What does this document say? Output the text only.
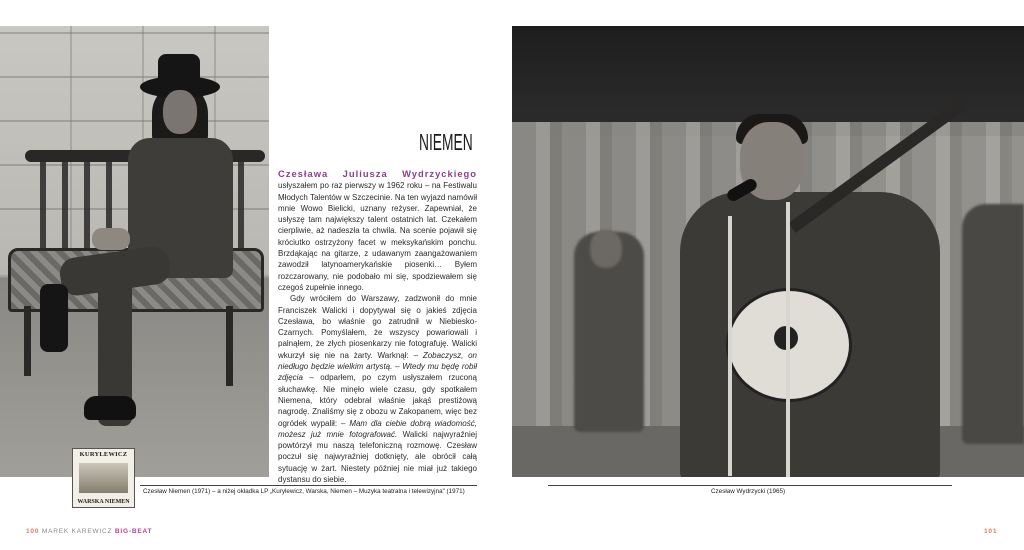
NIEMEN

Czesława Juliusza Wydrzyckiego usłyszałem po raz pierwszy w 1962 roku – na Festiwalu Młodych Talentów w Szczecinie. Na ten wyjazd namówił mnie Wowo Bielicki, uznany reżyser. Zapewniał, że usłyszę tam największy talent ostatnich lat. Czekałem cierpliwie, aż nadeszła ta chwila. Na scenie pojawił się króciutko ostrzyżony facet w meksykańskim ponchu. Brzdąkając na gitarze, z udawanym zaangażowaniem zawodził latynoamerykańskie piosenki… Byłem rozczarowany, nie podobało mi się, spodziewałem się czegoś zupełnie innego.

Gdy wróciłem do Warszawy, zadzwonił do mnie Franciszek Walicki i dopytywał się o jakieś zdjęcia Czesława, bo właśnie go zatrudnił w Niebiesko-Czarnych. Pomyślałem, że wszyscy powariowali i palnąłem, że złych piosenkarzy nie fotografuję. Walicki wkurzył się nie na żarty. Warknął: – Zobaczysz, on niedługo będzie wielkim artystą. – Wtedy mu będę robił zdjęcia – odparłem, po czym usłyszałem rzuconą słuchawkę. Nie minęło wiele czasu, gdy spotkałem Niemena, który odebrał właśnie jakąś prestiżową nagrodę. Znaliśmy się z obozu w Zakopanem, więc bez ogródek wypalił: – Mam dla ciebie dobrą wiadomość, możesz już mnie fotografować. Walicki najwyraźniej powtórzył mu naszą telefoniczną rozmowę. Czesław poczuł się najwyraźniej dotknięty, ale obrócił całą sytuację w żart. Niestety później nie miał już takiego dystansu do siebie.

KURYLEWICZ
WARSKA NIEMEN
Czesław Niemen (1971) – a niżej okładka LP „Kurylewicz, Warska, Niemen – Muzyka teatralna i telewizyjna" (1971)
100 MAREK KAREWICZ BIG-BEAT
Czesław Wydrzycki (1965)
101
